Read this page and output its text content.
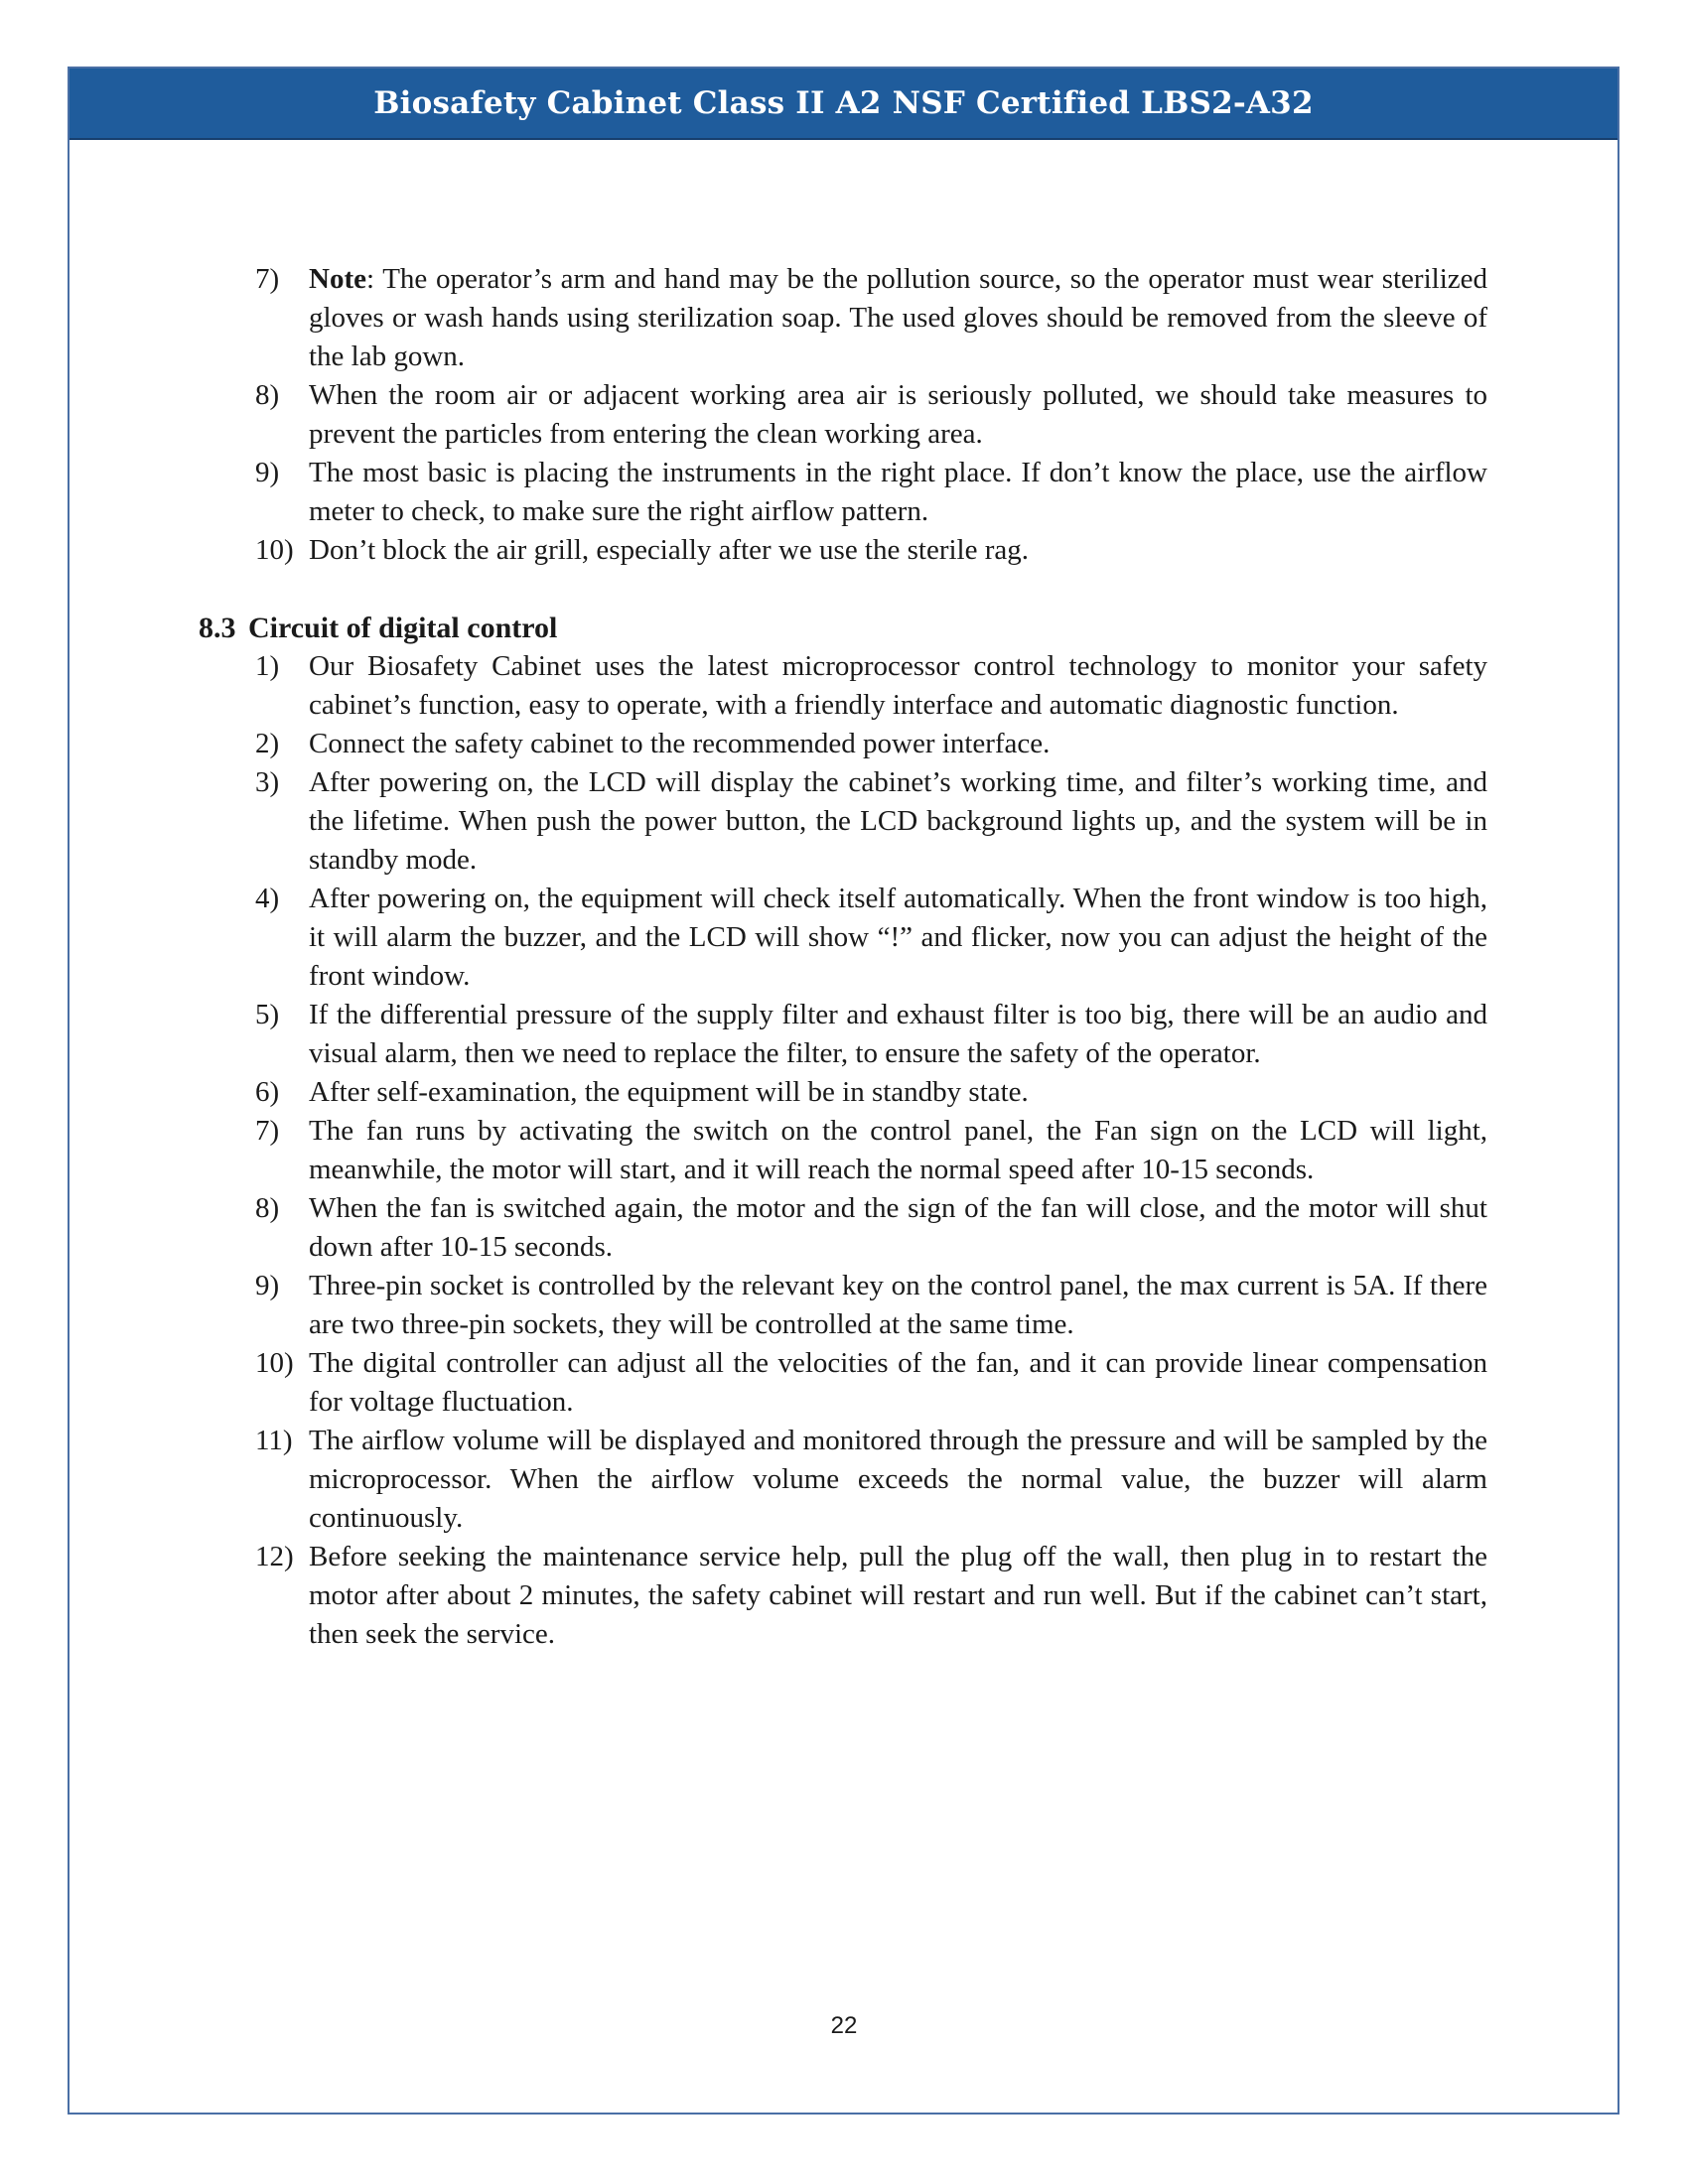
Biosafety Cabinet Class II A2 NSF Certified LBS2-A32
7)	Note: The operator’s arm and hand may be the pollution source, so the operator must wear sterilized gloves or wash hands using sterilization soap. The used gloves should be removed from the sleeve of the lab gown.
8)	When the room air or adjacent working area air is seriously polluted, we should take measures to prevent the particles from entering the clean working area.
9)	The most basic is placing the instruments in the right place. If don’t know the place, use the airflow meter to check, to make sure the right airflow pattern.
10) Don’t block the air grill, especially after we use the sterile rag.
8.3 Circuit of digital control
1)	Our Biosafety Cabinet uses the latest microprocessor control technology to monitor your safety cabinet’s function, easy to operate, with a friendly interface and automatic diagnostic function.
2)	Connect the safety cabinet to the recommended power interface.
3)	After powering on, the LCD will display the cabinet’s working time, and filter’s working time, and the lifetime. When push the power button, the LCD background lights up, and the system will be in standby mode.
4)	After powering on, the equipment will check itself automatically. When the front window is too high, it will alarm the buzzer, and the LCD will show “!” and flicker, now you can adjust the height of the front window.
5)	If the differential pressure of the supply filter and exhaust filter is too big, there will be an audio and visual alarm, then we need to replace the filter, to ensure the safety of the operator.
6)	After self-examination, the equipment will be in standby state.
7)	The fan runs by activating the switch on the control panel, the Fan sign on the LCD will light, meanwhile, the motor will start, and it will reach the normal speed after 10-15 seconds.
8)	When the fan is switched again, the motor and the sign of the fan will close, and the motor will shut down after 10-15 seconds.
9)	Three-pin socket is controlled by the relevant key on the control panel, the max current is 5A. If there are two three-pin sockets, they will be controlled at the same time.
10) The digital controller can adjust all the velocities of the fan, and it can provide linear compensation for voltage fluctuation.
11) The airflow volume will be displayed and monitored through the pressure and will be sampled by the microprocessor. When the airflow volume exceeds the normal value, the buzzer will alarm continuously.
12) Before seeking the maintenance service help, pull the plug off the wall, then plug in to restart the motor after about 2 minutes, the safety cabinet will restart and run well. But if the cabinet can’t start, then seek the service.
22
